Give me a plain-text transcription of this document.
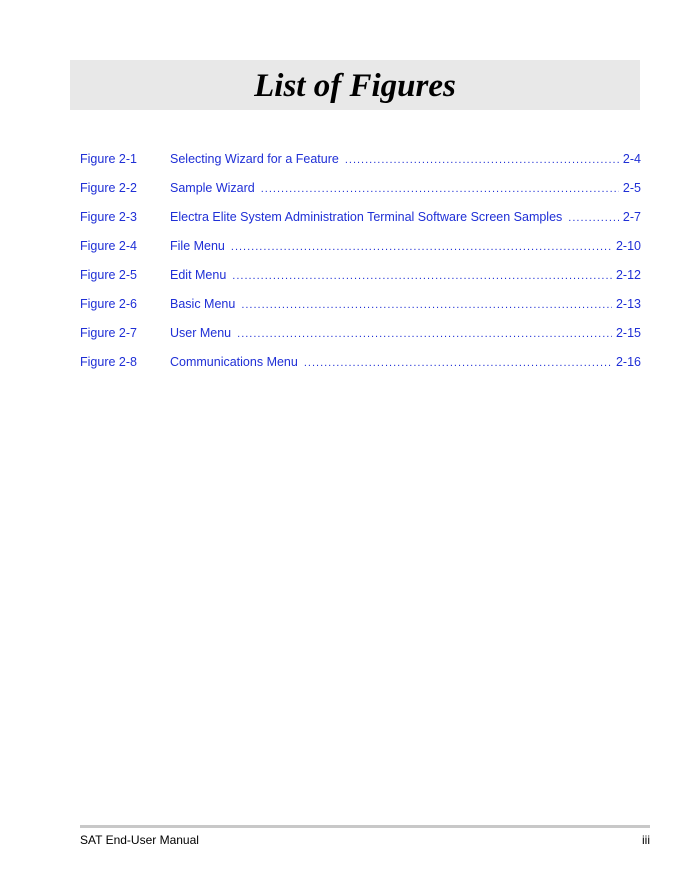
List of Figures
Figure 2-1	Selecting Wizard for a Feature .....	2-4
Figure 2-2	Sample Wizard .....	2-5
Figure 2-3	Electra Elite System Administration Terminal Software Screen Samples .....	2-7
Figure 2-4	File Menu .....	2-10
Figure 2-5	Edit Menu .....	2-12
Figure 2-6	Basic Menu .....	2-13
Figure 2-7	User Menu .....	2-15
Figure 2-8	Communications Menu .....	2-16
SAT End-User Manual	iii
